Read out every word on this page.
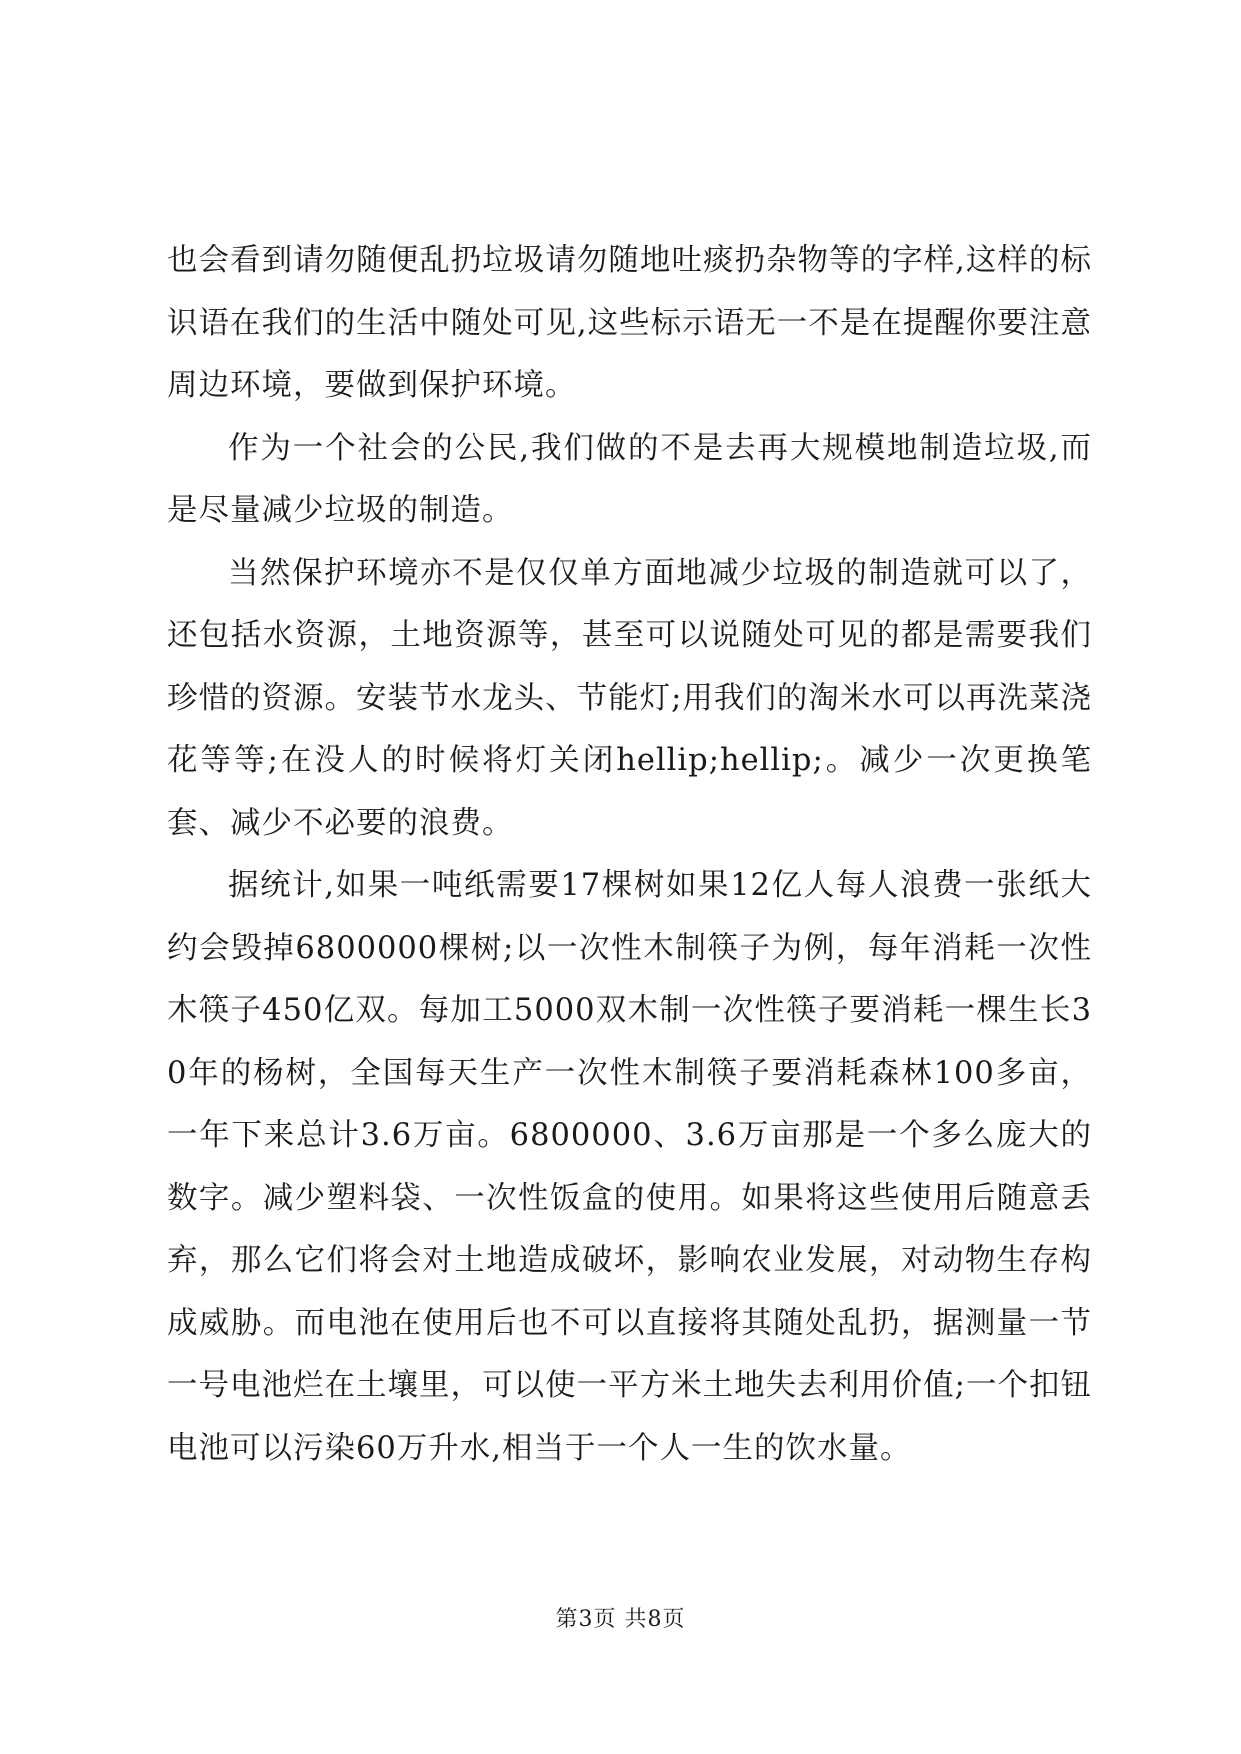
也会看到请勿随便乱扔垃圾请勿随地吐痰扔杂物等的字样,这样的标识语在我们的生活中随处可见,这些标示语无一不是在提醒你要注意周边环境，要做到保护环境。

作为一个社会的公民,我们做的不是去再大规模地制造垃圾,而是尽量减少垃圾的制造。

当然保护环境亦不是仅仅单方面地减少垃圾的制造就可以了，还包括水资源，土地资源等，甚至可以说随处可见的都是需要我们珍惜的资源。安装节水龙头、节能灯;用我们的淘米水可以再洗菜浇花等等;在没人的时候将灯关闭hellip;hellip;。减少一次更换笔套、减少不必要的浪费。

据统计,如果一吨纸需要17棵树如果12亿人每人浪费一张纸大约会毁掉6800000棵树;以一次性木制筷子为例，每年消耗一次性木筷子450亿双。每加工5000双木制一次性筷子要消耗一棵生长30年的杨树，全国每天生产一次性木制筷子要消耗森林100多亩，一年下来总计3.6万亩。6800000、3.6万亩那是一个多么庞大的数字。减少塑料袋、一次性饭盒的使用。如果将这些使用后随意丢弃，那么它们将会对土地造成破坏，影响农业发展，对动物生存构成威胁。而电池在使用后也不可以直接将其随处乱扔，据测量一节一号电池烂在土壤里，可以使一平方米土地失去利用价值;一个扣钮电池可以污染60万升水,相当于一个人一生的饮水量。

第3页 共8页
